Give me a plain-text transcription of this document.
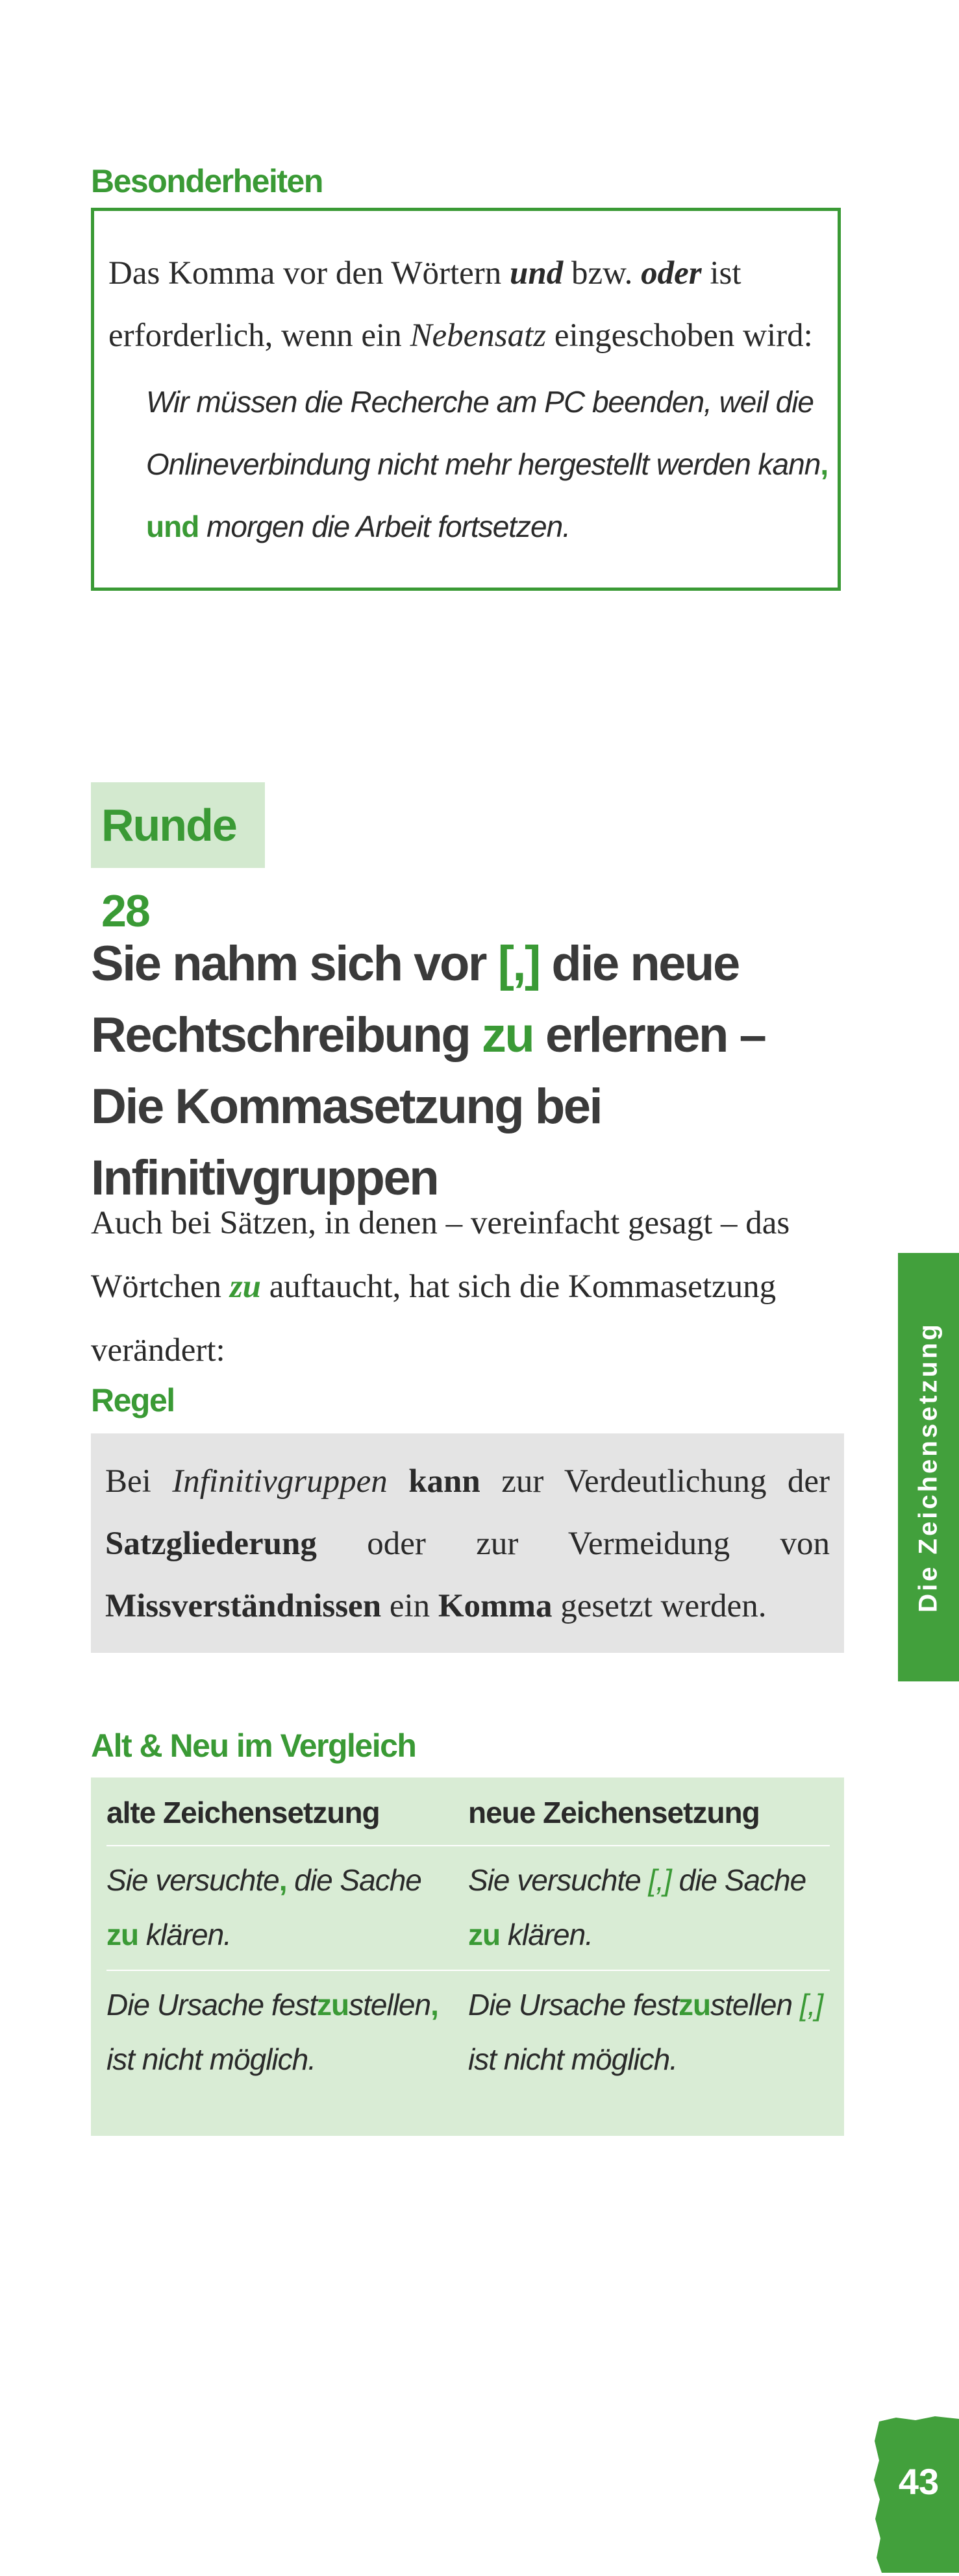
Besonderheiten
Das Komma vor den Wörtern und bzw. oder ist erforderlich, wenn ein Nebensatz eingeschoben wird:
Wir müssen die Recherche am PC beenden, weil die Onlineverbindung nicht mehr hergestellt werden kann, und morgen die Arbeit fortsetzen.
Runde 28
Sie nahm sich vor [,] die neue Rechtschreibung zu erlernen –
Die Kommasetzung bei Infinitivgruppen
Auch bei Sätzen, in denen – vereinfacht gesagt – das Wörtchen zu auftaucht, hat sich die Kommasetzung verändert:
Regel
Bei Infinitivgruppen kann zur Verdeutlichung der Satzgliederung oder zur Vermeidung von Missverständnissen ein Komma gesetzt werden.
Alt & Neu im Vergleich
alte Zeichensetzung	neue Zeichensetzung
Sie versuchte, die Sache
zu klären.
Sie versuchte [,] die Sache
zu klären.
Die Ursache festzustellen,
ist nicht möglich.
Die Ursache festzustellen [,]
ist nicht möglich.
Die Zeichensetzung
43
